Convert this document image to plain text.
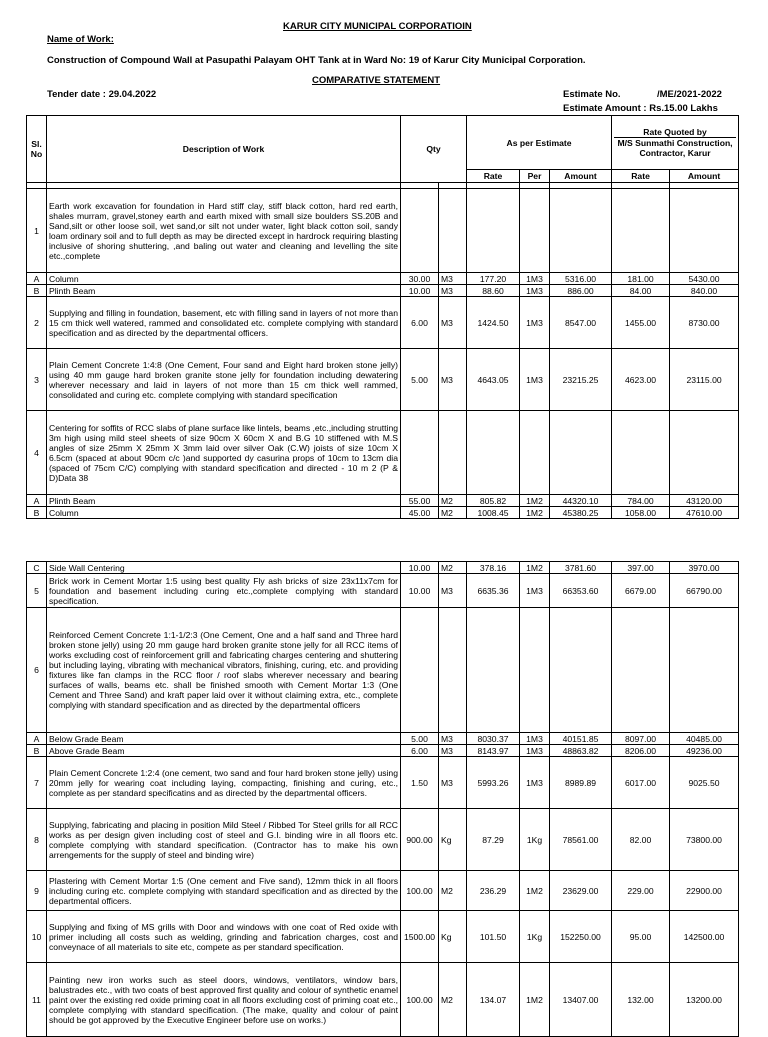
KARUR CITY MUNICIPAL CORPORATIOIN
Name of Work:
Construction of Compound Wall at Pasupathi Palayam OHT Tank at in Ward No: 19 of Karur City Municipal Corporation.
COMPARATIVE STATEMENT
Tender date : 29.04.2022	Estimate No.	/ME/2021-2022
Estimate Amount : Rs.15.00 Lakhs
Sl. No	Description of Work	Qty		As per Estimate			Rate Quoted by
M/S Sunmathi Construction, Contractor, Karur	

				Rate	Per	Amount	Rate	Amount

1	Earth work excavation for foundation in Hard stiff clay, stiff black cotton, hard red earth, shales murram, gravel,stoney earth and earth mixed with small size boulders SS.20B and Sand,silt or other loose soil, wet sand,or silt not under water, light black cotton soil, sandy loam ordinary soil and to full depth as may be directed except in hardrock requiring blasting inclusive of shoring shuttering, ,and baling out water and cleaning and levelling the site etc.,complete							
A	Column	30.00	M3	177.20	1M3	5316.00	181.00	5430.00
B	Plinth Beam	10.00	M3	88.60	1M3	886.00	84.00	840.00
2	Supplying and filling in foundation, basement, etc with filling sand in layers of not more than 15 cm thick well watered, rammed and consolidated etc. complete complying with standard specification and as directed by the departmental officers.	6.00	M3	1424.50	1M3	8547.00	1455.00	8730.00
3	Plain Cement Concrete 1:4:8 (One Cement, Four sand and Eight hard broken stone jelly) using 40 mm gauge hard broken granite stone jelly for foundation including dewatering wherever necessary and laid in layers of not more than 15 cm thick well rammed, consolidated and curing etc. complete complying with standard specification	5.00	M3	4643.05	1M3	23215.25	4623.00	23115.00
4	Centering for soffits of RCC slabs of plane surface like lintels, beams ,etc.,including strutting 3m high using mild steel sheets of size 90cm X 60cm X and B.G 10 stiffened with M.S angles of size 25mm X 25mm X 3mm laid over silver Oak (C.W) joists of size 10cm X 6.5cm (spaced at about 90cm c/c )and supported dy casurina props of 10cm to 13cm dia (spaced of 75cm C/C) complying with standard specification and directed - 10 m 2 (P & D)Data 38							
A	Plinth Beam	55.00	M2	805.82	1M2	44320.10	784.00	43120.00
B	Column	45.00	M2	1008.45	1M2	45380.25	1058.00	47610.00
C	Side Wall Centering	10.00	M2	378.16	1M2	3781.60	397.00	3970.00
5	Brick work in Cement Mortar 1:5 using best quality Fly ash bricks of size 23x11x7cm for foundation and basement including curing etc.,complete complying with standard specification.	10.00	M3	6635.36	1M3	66353.60	6679.00	66790.00
6	Reinforced Cement Concrete 1:1-1/2:3 (One Cement, One and a half sand and Three hard broken stone jelly) using 20 mm gauge hard broken granite stone jelly for all RCC items of works excluding cost of reinforcement grill and fabricating charges centering and shuttering but including laying, vibrating with mechanical vibrators, finishing, curing, etc. and providing fixtures like fan clamps in the RCC floor / roof slabs wherever necessary and bearing surfaces of walls, beams etc. shall be finished smooth with Cement Mortar 1:3 (One Cement and Three Sand) and kraft paper laid over it without claiming extra, etc., complete complying with standard specification and as directed by the departmental officers							
A	Below Grade Beam	5.00	M3	8030.37	1M3	40151.85	8097.00	40485.00
B	Above Grade Beam	6.00	M3	8143.97	1M3	48863.82	8206.00	49236.00
7	Plain Cement Concrete 1:2:4 (one cement, two sand and four hard broken stone jelly) using 20mm jelly for wearing coat including laying, compacting, finishing and curing, etc., complete as per standard specificatins and as directed by the departmental officers.	1.50	M3	5993.26	1M3	8989.89	6017.00	9025.50
8	Supplying, fabricating and placing in position Mild Steel / Ribbed Tor Steel grills for all RCC works as per design given including cost of steel and G.I. binding wire in all floors etc. complete complying with standard specification. (Contractor has to make his own arrengements for the supply of steel and binding wire)	900.00	Kg	87.29	1Kg	78561.00	82.00	73800.00
9	Plastering with Cement Mortar 1:5 (One cement and Five sand), 12mm thick in all floors including curing etc. complete complying with standard specification and as directed by the departmental officers.	100.00	M2	236.29	1M2	23629.00	229.00	22900.00
10	Supplying and fixing of MS grills with Door and windows with one coat of Red oxide with primer including all costs such as welding, grinding and fabrication charges, cost and conveynace of all materials to site etc, compete as per standard specification.	1500.00	Kg	101.50	1Kg	152250.00	95.00	142500.00
11	Painting new iron works such as steel doors, windows, ventilators, window bars, balustrades etc., with two coats of best approved first quality and colour of synthetic enamel paint over the existing red oxide priming coat in all floors excluding cost of priming coat etc., complete complying with standard specification. (The make, quality and colour of paint should be got approved by the Executive Engineer before use on works.)	100.00	M2	134.07	1M2	13407.00	132.00	13200.00
